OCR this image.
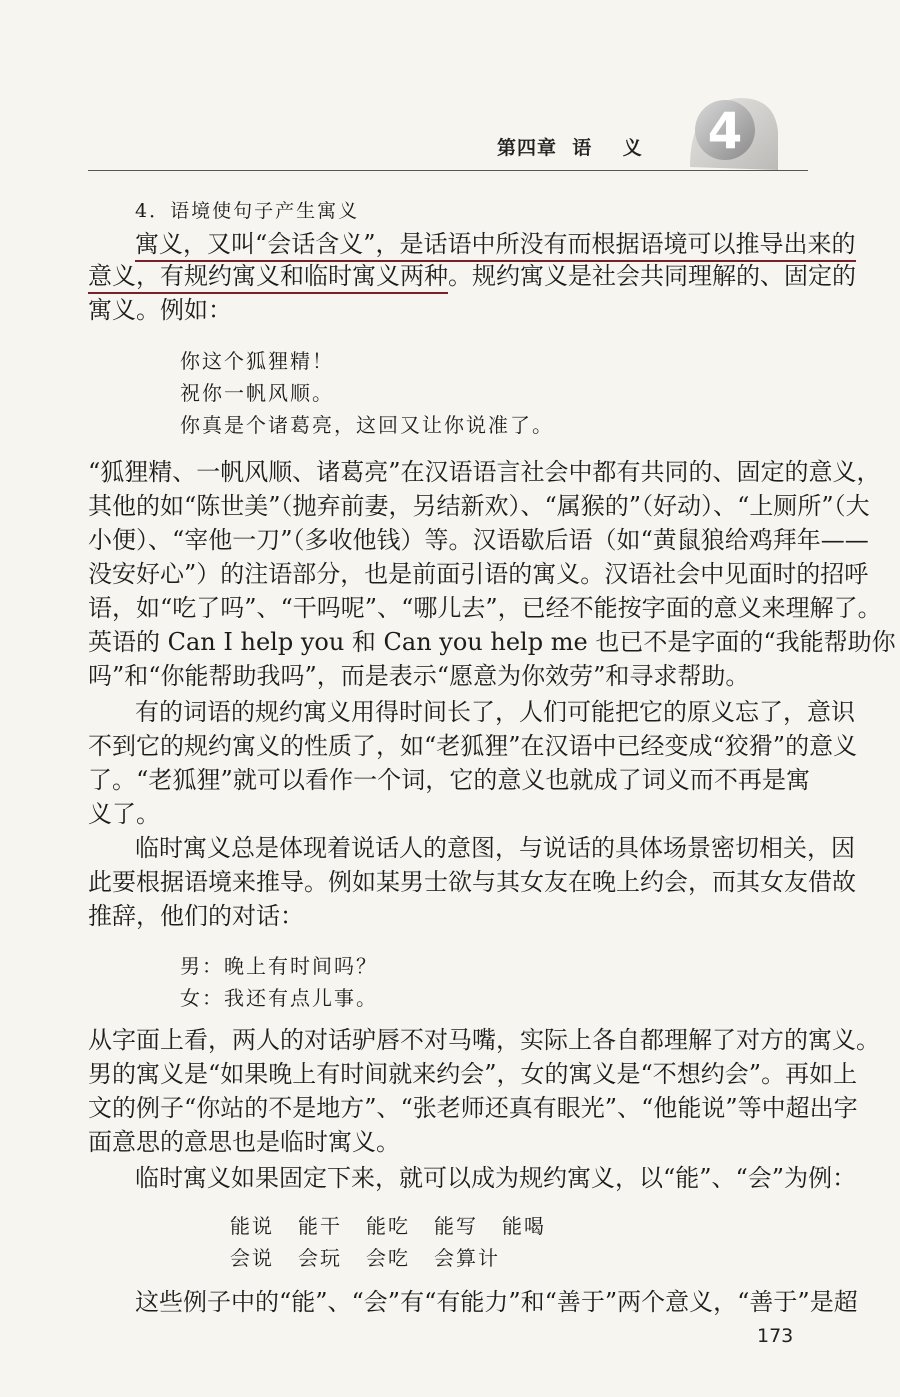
第四章  语    义 4
4．语境使句子产生寓义
寓义，又叫“会话含义”，是话语中所没有而根据语境可以推导出来的
意义，有规约寓义和临时寓义两种。规约寓义是社会共同理解的、固定的
寓义。例如：
你这个狐狸精！
祝你一帆风顺。
你真是个诸葛亮，这回又让你说准了。
“狐狸精、一帆风顺、诸葛亮”在汉语语言社会中都有共同的、固定的意义，
其他的如“陈世美”（抛弃前妻，另结新欢）、“属猴的”（好动）、“上厕所”（大
小便）、“宰他一刀”（多收他钱）等。汉语歇后语（如“黄鼠狼给鸡拜年——
没安好心”）的注语部分，也是前面引语的寓义。汉语社会中见面时的招呼
语，如“吃了吗”、“干吗呢”、“哪儿去”，已经不能按字面的意义来理解了。
英语的 Can I help you 和 Can you help me 也已不是字面的“我能帮助你
吗”和“你能帮助我吗”，而是表示“愿意为你效劳”和寻求帮助。
有的词语的规约寓义用得时间长了，人们可能把它的原义忘了，意识
不到它的规约寓义的性质了，如“老狐狸”在汉语中已经变成“狡猾”的意义
了。“老狐狸”就可以看作一个词，它的意义也就成了词义而不再是寓
义了。
临时寓义总是体现着说话人的意图，与说话的具体场景密切相关，因
此要根据语境来推导。例如某男士欲与其女友在晚上约会，而其女友借故
推辞，他们的对话：
男：晚上有时间吗？
女：我还有点儿事。
从字面上看，两人的对话驴唇不对马嘴，实际上各自都理解了对方的寓义。
男的寓义是“如果晚上有时间就来约会”，女的寓义是“不想约会”。再如上
文的例子“你站的不是地方”、“张老师还真有眼光”、“他能说”等中超出字
面意思的意思也是临时寓义。
临时寓义如果固定下来，就可以成为规约寓义，以“能”、“会”为例：
能说 能干 能吃 能写 能喝
会说 会玩 会吃 会算计
这些例子中的“能”、“会”有“有能力”和“善于”两个意义，“善于”是超
173
